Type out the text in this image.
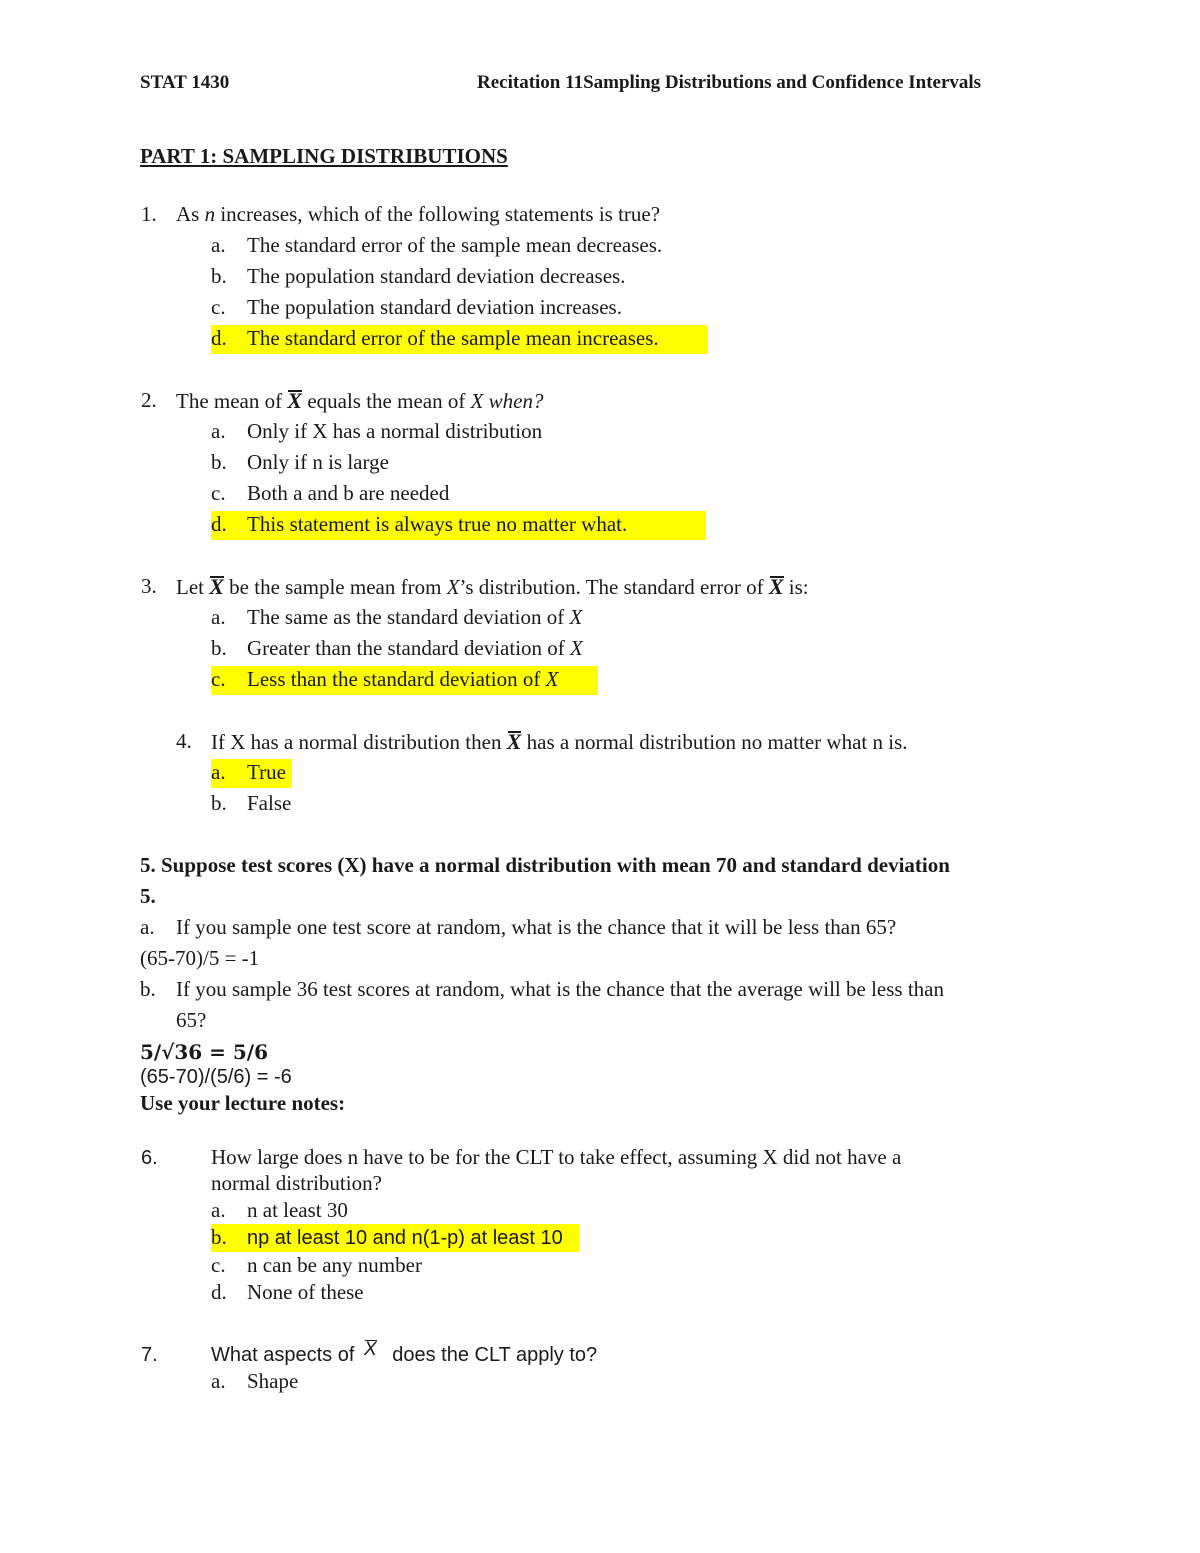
STAT 1430	Recitation 11Sampling Distributions and Confidence Intervals
PART 1: SAMPLING DISTRIBUTIONS
1. As n increases, which of the following statements is true?
a. The standard error of the sample mean decreases.
b. The population standard deviation decreases.
c. The population standard deviation increases.
d. The standard error of the sample mean increases.
2. The mean of X equals the mean of X when?
a. Only if X has a normal distribution
b. Only if n is large
c. Both a and b are needed
d. This statement is always true no matter what.
3. Let X be the sample mean from X’s distribution. The standard error of X is:
a. The same as the standard deviation of X
b. Greater than the standard deviation of X
c. Less than the standard deviation of X
4. If X has a normal distribution then X has a normal distribution no matter what n is.
a. True
b. False
5. Suppose test scores (X) have a normal distribution with mean 70 and standard deviation
5.
a. If you sample one test score at random, what is the chance that it will be less than 65?
(65-70)/5 = -1
b. If you sample 36 test scores at random, what is the chance that the average will be less than
65?
5/√36 = 5/6
(65-70)/(5/6) = -6
Use your lecture notes:
6.	How large does n have to be for the CLT to take effect, assuming X did not have a
normal distribution?
a. n at least 30
b. np at least 10 and n(1-p) at least 10
c. n can be any number
d. None of these
7.	What aspects of X does the CLT apply to?
a. Shape
